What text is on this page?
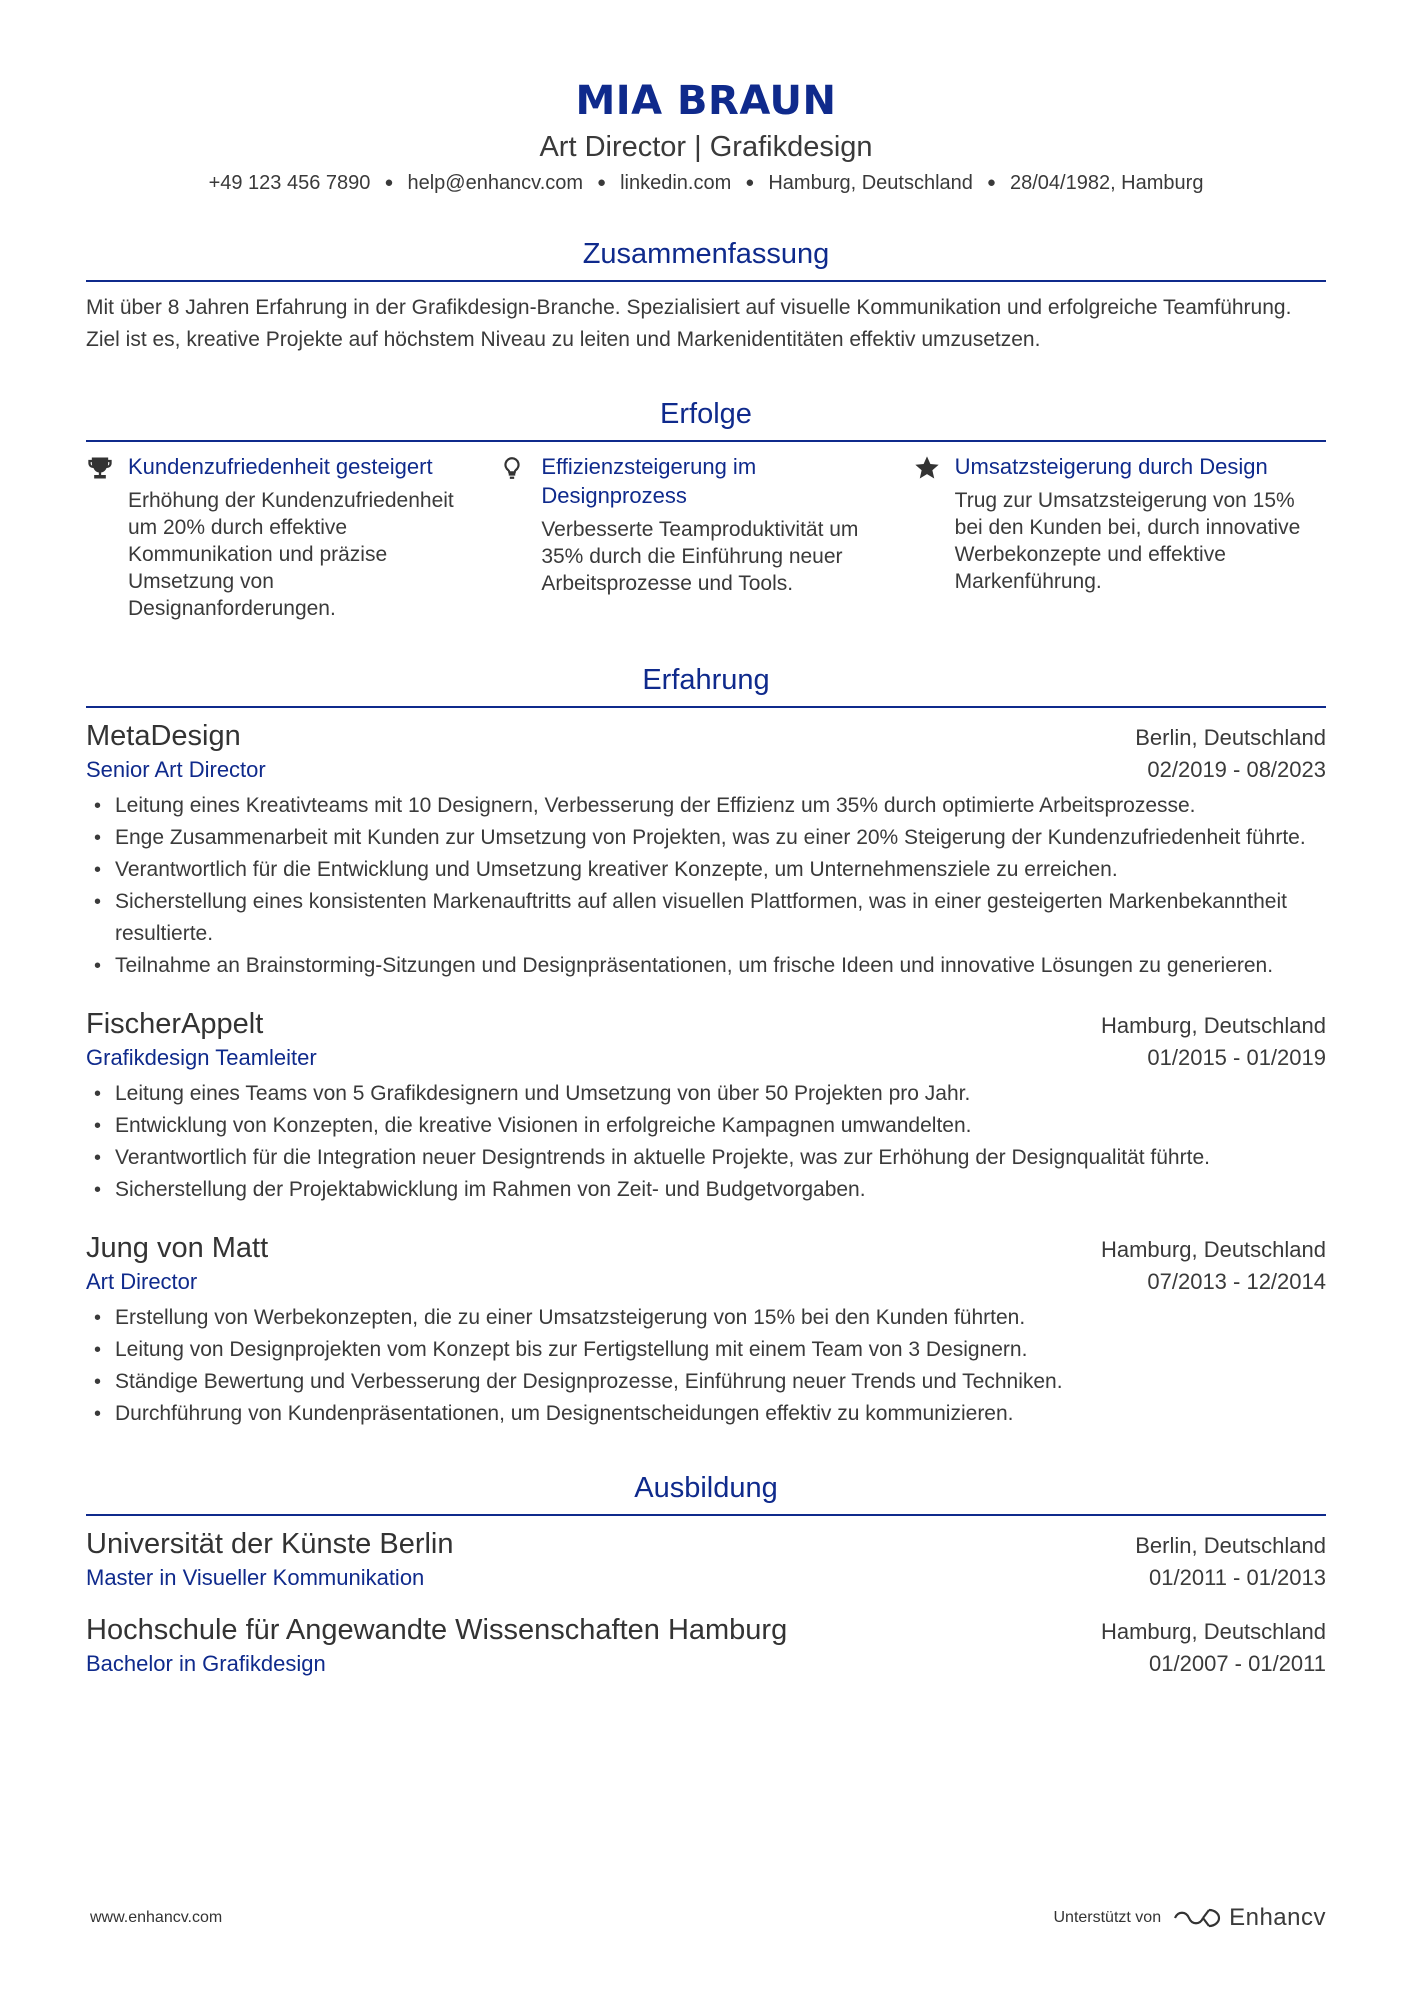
MIA BRAUN
Art Director | Grafikdesign
+49 123 456 7890 ● help@enhancv.com ● linkedin.com ● Hamburg, Deutschland ● 28/04/1982, Hamburg
Zusammenfassung

Mit über 8 Jahren Erfahrung in der Grafikdesign-Branche. Spezialisiert auf visuelle Kommunikation und erfolgreiche Teamführung. Ziel ist es, kreative Projekte auf höchstem Niveau zu leiten und Markenidentitäten effektiv umzusetzen.

Erfolge
Kundenzufriedenheit gesteigert
Erhöhung der Kundenzufriedenheit um 20% durch effektive Kommunikation und präzise Umsetzung von Designanforderungen.
Effizienzsteigerung im Designprozess
Verbesserte Teamproduktivität um 35% durch die Einführung neuer Arbeitsprozesse und Tools.
Umsatzsteigerung durch Design
Trug zur Umsatzsteigerung von 15% bei den Kunden bei, durch innovative Werbekonzepte und effektive Markenführung.
Erfahrung
MetaDesign	Berlin, Deutschland
Senior Art Director	02/2019 - 08/2023
• Leitung eines Kreativteams mit 10 Designern, Verbesserung der Effizienz um 35% durch optimierte Arbeitsprozesse.
• Enge Zusammenarbeit mit Kunden zur Umsetzung von Projekten, was zu einer 20% Steigerung der Kundenzufriedenheit führte.
• Verantwortlich für die Entwicklung und Umsetzung kreativer Konzepte, um Unternehmensziele zu erreichen.
• Sicherstellung eines konsistenten Markenauftritts auf allen visuellen Plattformen, was in einer gesteigerten Markenbekanntheit resultierte.
• Teilnahme an Brainstorming-Sitzungen und Designpräsentationen, um frische Ideen und innovative Lösungen zu generieren.
FischerAppelt	Hamburg, Deutschland
Grafikdesign Teamleiter	01/2015 - 01/2019
• Leitung eines Teams von 5 Grafikdesignern und Umsetzung von über 50 Projekten pro Jahr.
• Entwicklung von Konzepten, die kreative Visionen in erfolgreiche Kampagnen umwandelten.
• Verantwortlich für die Integration neuer Designtrends in aktuelle Projekte, was zur Erhöhung der Designqualität führte.
• Sicherstellung der Projektabwicklung im Rahmen von Zeit- und Budgetvorgaben.
Jung von Matt	Hamburg, Deutschland
Art Director	07/2013 - 12/2014
• Erstellung von Werbekonzepten, die zu einer Umsatzsteigerung von 15% bei den Kunden führten.
• Leitung von Designprojekten vom Konzept bis zur Fertigstellung mit einem Team von 3 Designern.
• Ständige Bewertung und Verbesserung der Designprozesse, Einführung neuer Trends und Techniken.
• Durchführung von Kundenpräsentationen, um Designentscheidungen effektiv zu kommunizieren.
Ausbildung
Universität der Künste Berlin	Berlin, Deutschland
Master in Visueller Kommunikation	01/2011 - 01/2013
Hochschule für Angewandte Wissenschaften Hamburg	Hamburg, Deutschland
Bachelor in Grafikdesign	01/2007 - 01/2011
www.enhancv.com	Unterstützt von	Enhancv
